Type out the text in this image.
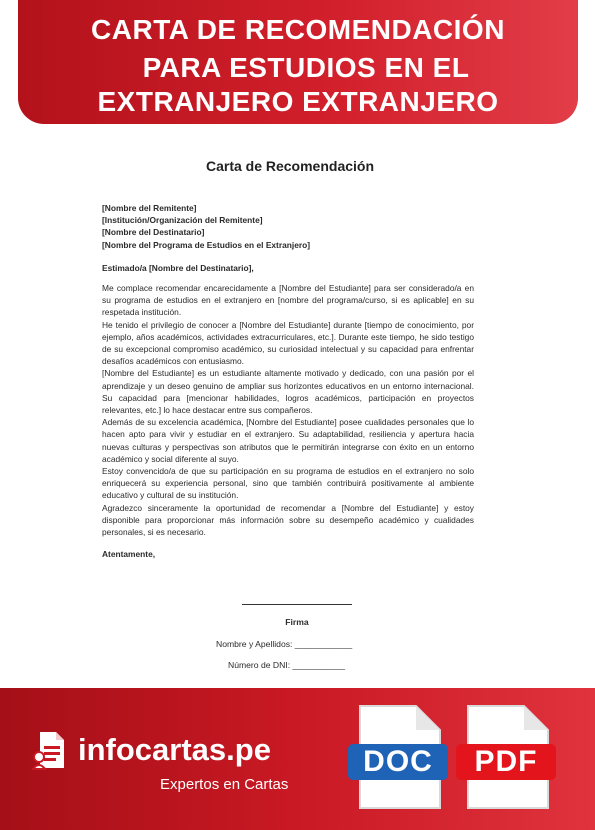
CARTA DE RECOMENDACIÓN
PARA ESTUDIOS EN EL
EXTRANJERO EXTRANJERO
Carta de Recomendación
[Nombre del Remitente]
[Institución/Organización del Remitente]
[Nombre del Destinatario]
[Nombre del Programa de Estudios en el Extranjero]
Estimado/a [Nombre del Destinatario],

Me complace recomendar encarecidamente a [Nombre del Estudiante] para ser considerado/a en su programa de estudios en el extranjero en [nombre del programa/curso, si es aplicable] en su respetada institución.

He tenido el privilegio de conocer a [Nombre del Estudiante] durante [tiempo de conocimiento, por ejemplo, años académicos, actividades extracurriculares, etc.]. Durante este tiempo, he sido testigo de su excepcional compromiso académico, su curiosidad intelectual y su capacidad para enfrentar desafíos académicos con entusiasmo.

[Nombre del Estudiante] es un estudiante altamente motivado y dedicado, con una pasión por el aprendizaje y un deseo genuino de ampliar sus horizontes educativos en un entorno internacional. Su capacidad para [mencionar habilidades, logros académicos, participación en proyectos relevantes, etc.] lo hace destacar entre sus compañeros.

Además de su excelencia académica, [Nombre del Estudiante] posee cualidades personales que lo hacen apto para vivir y estudiar en el extranjero. Su adaptabilidad, resiliencia y apertura hacia nuevas culturas y perspectivas son atributos que le permitirán integrarse con éxito en un entorno académico y social diferente al suyo.

Estoy convencido/a de que su participación en su programa de estudios en el extranjero no solo enriquecerá su experiencia personal, sino que también contribuirá positivamente al ambiente educativo y cultural de su institución.

Agradezco sinceramente la oportunidad de recomendar a [Nombre del Estudiante] y estoy disponible para proporcionar más información sobre su desempeño académico y cualidades personales, si es necesario.

Atentamente,
Firma
Nombre y Apellidos: ____________
Número de DNI: ___________
infocartas.pe
Expertos en Cartas
DOC	PDF
